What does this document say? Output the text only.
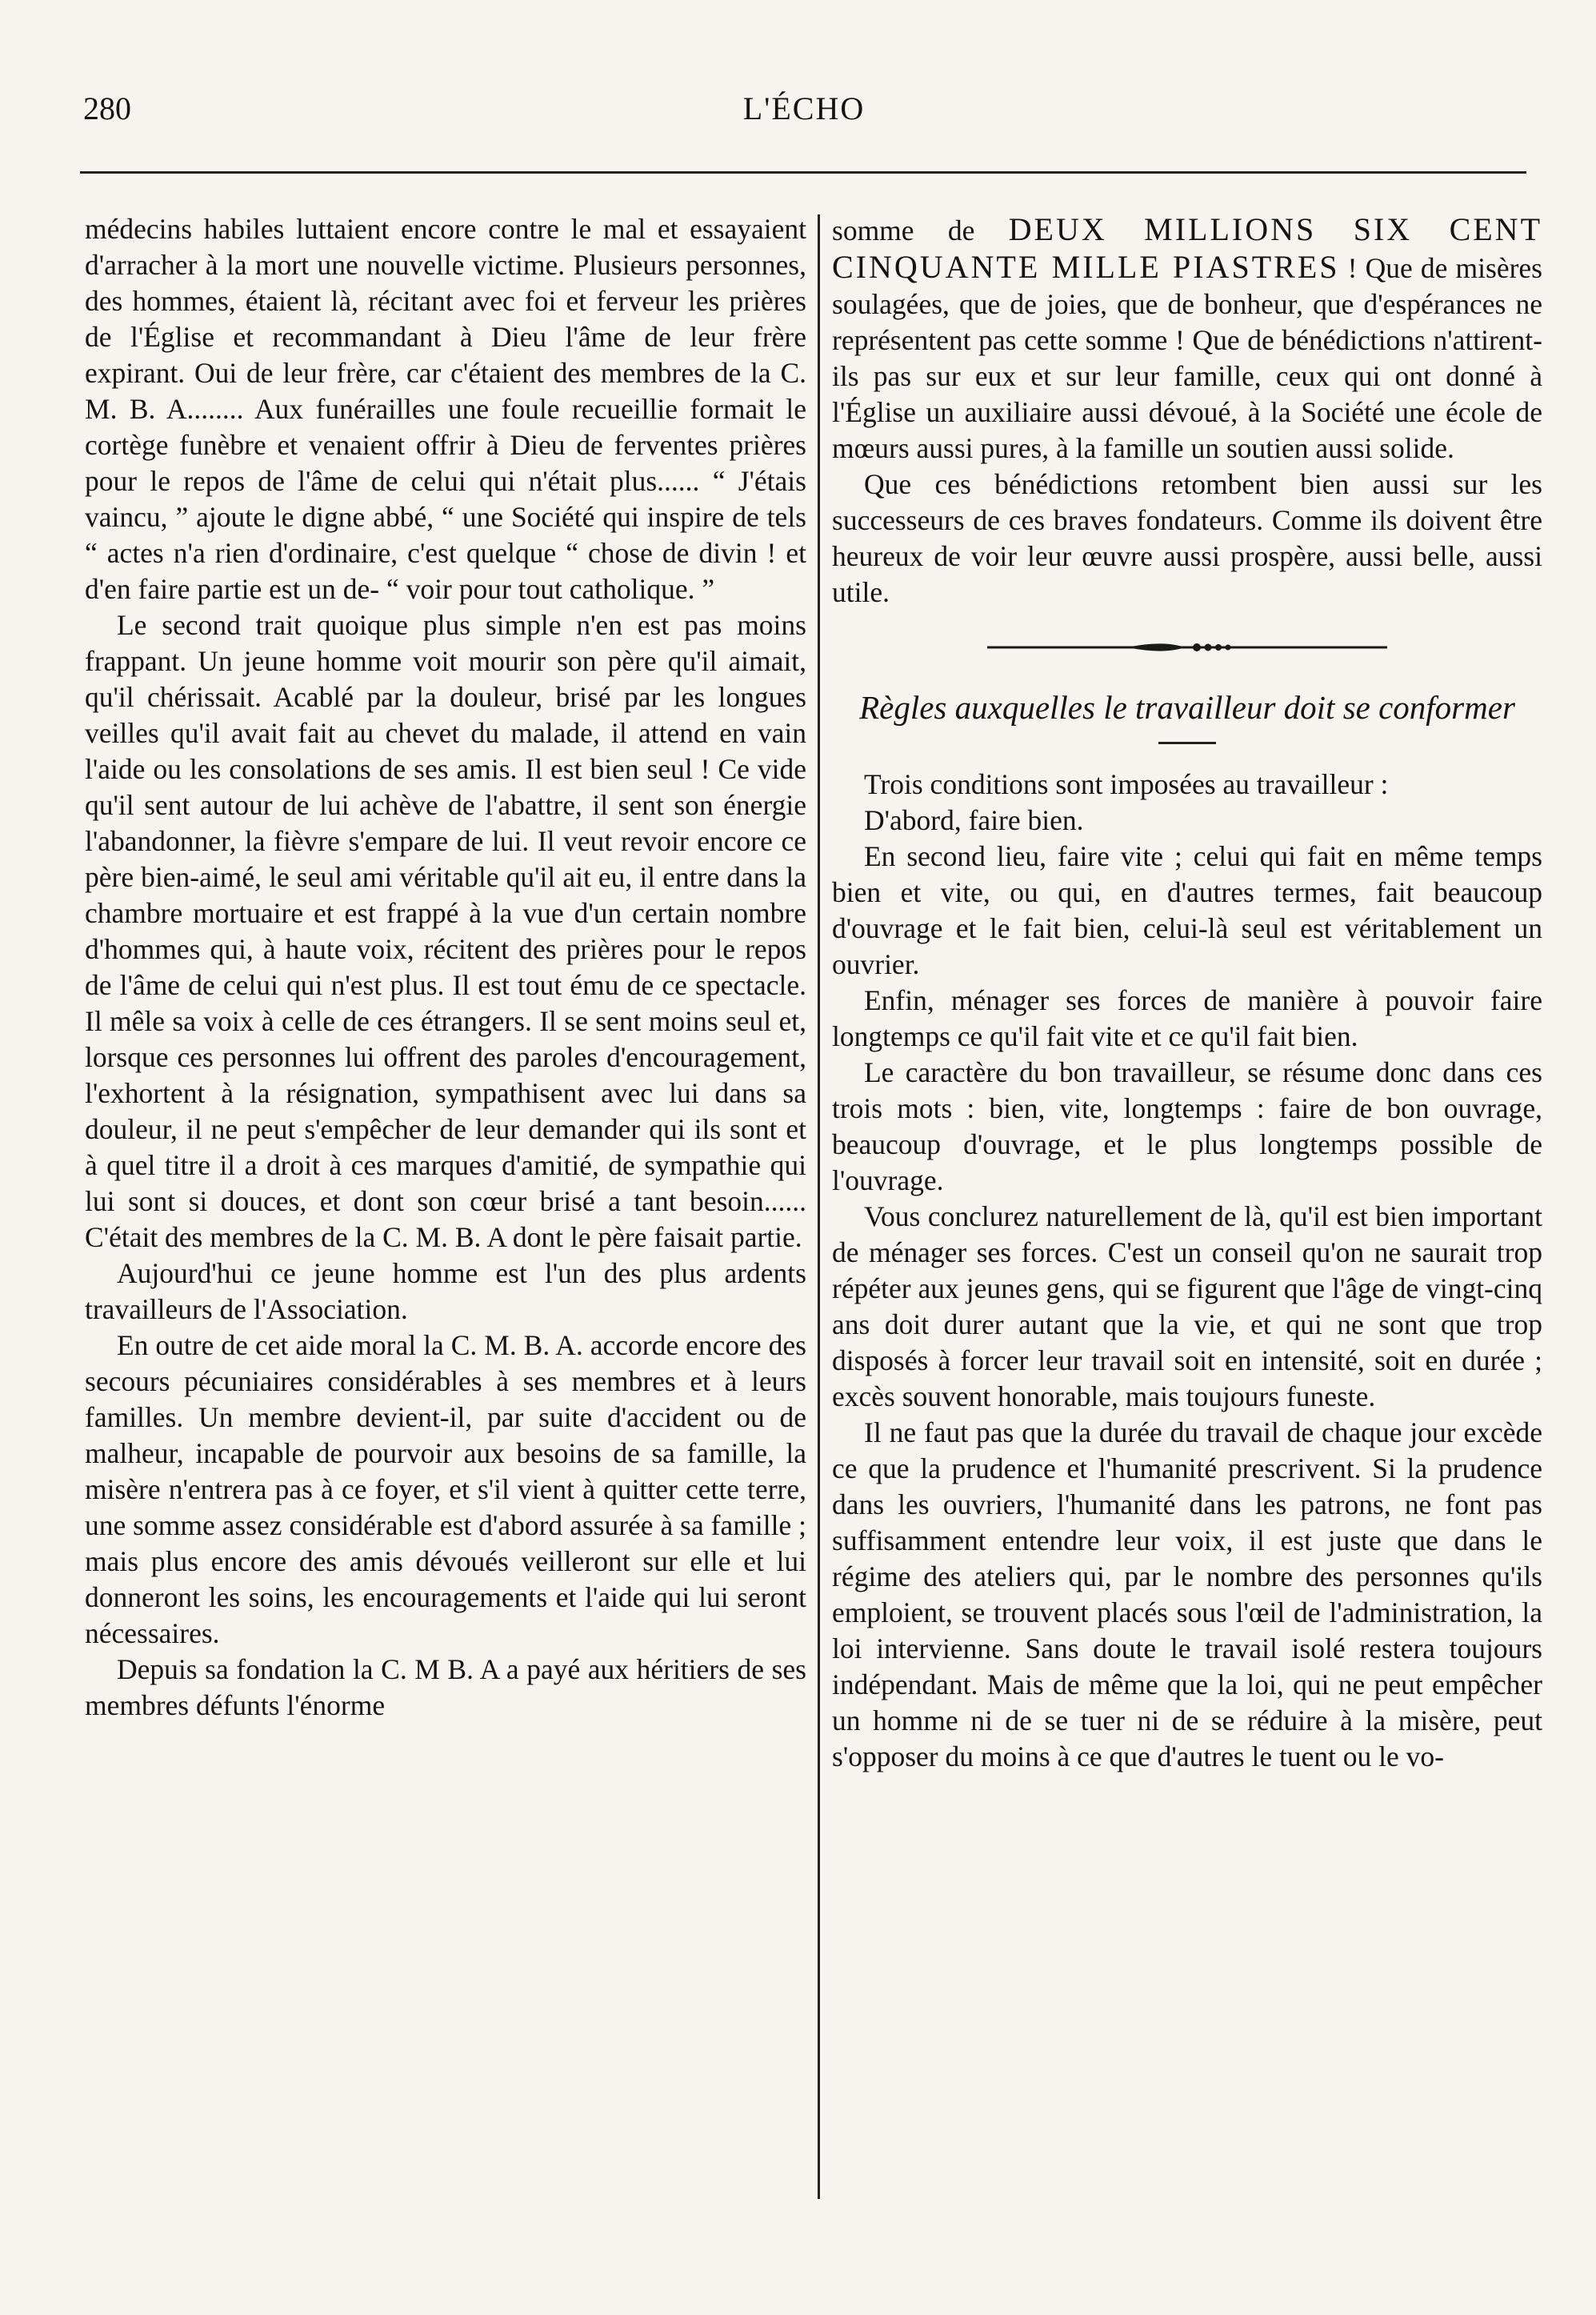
280	L'ÉCHO

médecins habiles luttaient encore contre le mal et essayaient d'arracher à la mort une nouvelle victime. Plusieurs personnes, des hommes, étaient là, récitant avec foi et ferveur les prières de l'Église et recommandant à Dieu l'âme de leur frère expirant. Oui de leur frère, car c'étaient des membres de la C. M. B. A........ Aux funérailles une foule recueillie formait le cortège funèbre et venaient offrir à Dieu de ferventes prières pour le repos de l'âme de celui qui n'était plus...... “ J'étais vaincu, ” ajoute le digne abbé, “ une Société qui inspire de tels “ actes n'a rien d'ordinaire, c'est quelque “ chose de divin ! et d'en faire partie est un de- “ voir pour tout catholique. ”

Le second trait quoique plus simple n'en est pas moins frappant. Un jeune homme voit mourir son père qu'il aimait, qu'il chérissait. Acablé par la douleur, brisé par les longues veilles qu'il avait fait au chevet du malade, il attend en vain l'aide ou les consolations de ses amis. Il est bien seul ! Ce vide qu'il sent autour de lui achève de l'abattre, il sent son énergie l'abandonner, la fièvre s'empare de lui. Il veut revoir encore ce père bien-aimé, le seul ami véritable qu'il ait eu, il entre dans la chambre mortuaire et est frappé à la vue d'un certain nombre d'hommes qui, à haute voix, récitent des prières pour le repos de l'âme de celui qui n'est plus. Il est tout ému de ce spectacle. Il mêle sa voix à celle de ces étrangers. Il se sent moins seul et, lorsque ces personnes lui offrent des paroles d'encouragement, l'exhortent à la résignation, sympathisent avec lui dans sa douleur, il ne peut s'empêcher de leur demander qui ils sont et à quel titre il a droit à ces marques d'amitié, de sympathie qui lui sont si douces, et dont son cœur brisé a tant besoin...... C'était des membres de la C. M. B. A dont le père faisait partie.

Aujourd'hui ce jeune homme est l'un des plus ardents travailleurs de l'Association.

En outre de cet aide moral la C. M. B. A. accorde encore des secours pécuniaires considérables à ses membres et à leurs familles. Un membre devient-il, par suite d'accident ou de malheur, incapable de pourvoir aux besoins de sa famille, la misère n'entrera pas à ce foyer, et s'il vient à quitter cette terre, une somme assez considérable est d'abord assurée à sa famille ; mais plus encore des amis dévoués veilleront sur elle et lui donneront les soins, les encouragements et l'aide qui lui seront nécessaires.

Depuis sa fondation la C. M B. A a payé aux héritiers de ses membres défunts l'énorme

somme de DEUX MILLIONS SIX CENT CINQUANTE MILLE PIASTRES ! Que de misères soulagées, que de joies, que de bonheur, que d'espérances ne représentent pas cette somme ! Que de bénédictions n'attirent-ils pas sur eux et sur leur famille, ceux qui ont donné à l'Église un auxiliaire aussi dévoué, à la Société une école de mœurs aussi pures, à la famille un soutien aussi solide.

Que ces bénédictions retombent bien aussi sur les successeurs de ces braves fondateurs. Comme ils doivent être heureux de voir leur œuvre aussi prospère, aussi belle, aussi utile.

Règles auxquelles le travailleur doit se conformer

Trois conditions sont imposées au travailleur :

D'abord, faire bien.

En second lieu, faire vite ; celui qui fait en même temps bien et vite, ou qui, en d'autres termes, fait beaucoup d'ouvrage et le fait bien, celui-là seul est véritablement un ouvrier.

Enfin, ménager ses forces de manière à pouvoir faire longtemps ce qu'il fait vite et ce qu'il fait bien.

Le caractère du bon travailleur, se résume donc dans ces trois mots : bien, vite, longtemps : faire de bon ouvrage, beaucoup d'ouvrage, et le plus longtemps possible de l'ouvrage.

Vous conclurez naturellement de là, qu'il est bien important de ménager ses forces. C'est un conseil qu'on ne saurait trop répéter aux jeunes gens, qui se figurent que l'âge de vingt-cinq ans doit durer autant que la vie, et qui ne sont que trop disposés à forcer leur travail soit en intensité, soit en durée ; excès souvent honorable, mais toujours funeste.

Il ne faut pas que la durée du travail de chaque jour excède ce que la prudence et l'humanité prescrivent. Si la prudence dans les ouvriers, l'humanité dans les patrons, ne font pas suffisamment entendre leur voix, il est juste que dans le régime des ateliers qui, par le nombre des personnes qu'ils emploient, se trouvent placés sous l'œil de l'administration, la loi intervienne. Sans doute le travail isolé restera toujours indépendant. Mais de même que la loi, qui ne peut empêcher un homme ni de se tuer ni de se réduire à la misère, peut s'opposer du moins à ce que d'autres le tuent ou le vo-
